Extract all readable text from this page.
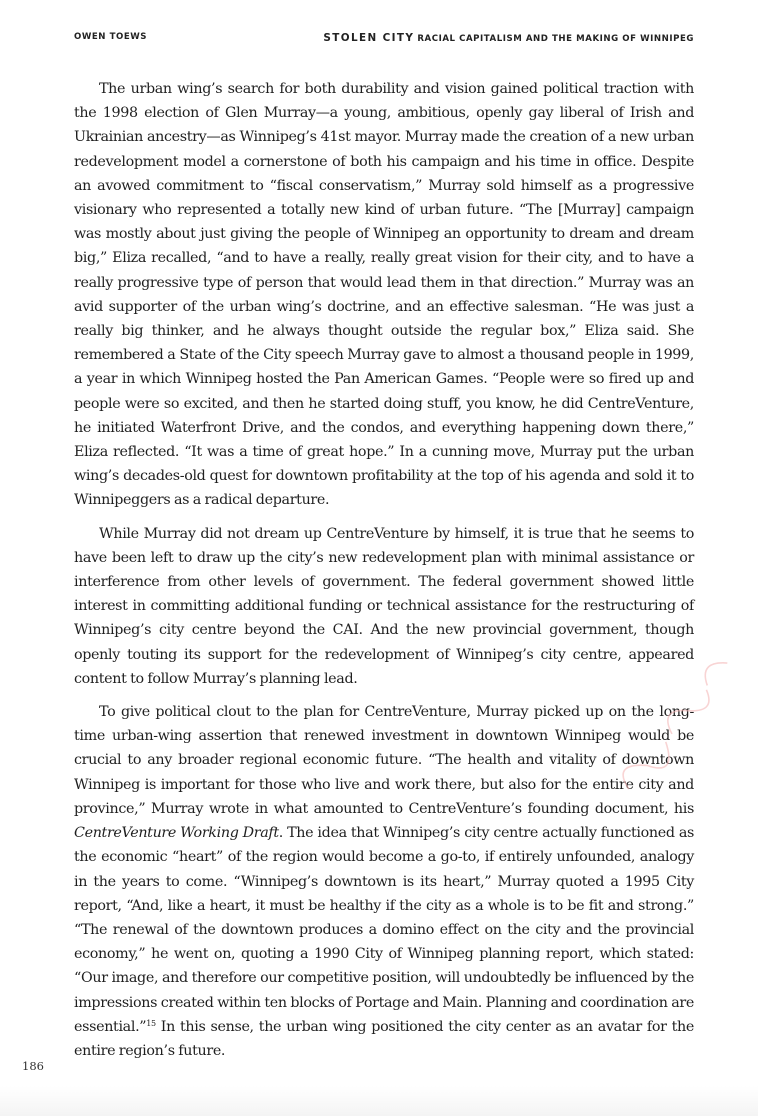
OWEN TOEWS	STOLEN CITY RACIAL CAPITALISM AND THE MAKING OF WINNIPEG

The urban wing’s search for both durability and vision gained political traction with the 1998 election of Glen Murray—a young, ambitious, openly gay liberal of Irish and Ukrainian ancestry—as Winnipeg’s 41st mayor. Murray made the creation of a new urban redevelopment model a cornerstone of both his campaign and his time in office. Despite an avowed commitment to “fiscal conservatism,” Murray sold himself as a progressive visionary who represented a totally new kind of urban future. “The [Murray] campaign was mostly about just giving the people of Winnipeg an opportunity to dream and dream big,” Eliza recalled, “and to have a really, really great vision for their city, and to have a really progressive type of person that would lead them in that direction.” Murray was an avid supporter of the urban wing’s doctrine, and an effective salesman. “He was just a really big thinker, and he always thought outside the regular box,” Eliza said. She remembered a State of the City speech Murray gave to almost a thousand people in 1999, a year in which Winnipeg hosted the Pan American Games. “People were so fired up and people were so excited, and then he started doing stuff, you know, he did CentreVenture, he initiated Waterfront Drive, and the condos, and everything happening down there,” Eliza reflected. “It was a time of great hope.” In a cunning move, Murray put the urban wing’s decades-old quest for downtown profitability at the top of his agenda and sold it to Winnipeggers as a radical departure.

While Murray did not dream up CentreVenture by himself, it is true that he seems to have been left to draw up the city’s new redevelopment plan with minimal assistance or interference from other levels of government. The federal government showed little interest in committing additional funding or technical assistance for the restructuring of Winnipeg’s city centre beyond the CAI. And the new provincial government, though openly touting its support for the redevelopment of Winnipeg’s city centre, appeared content to follow Murray’s planning lead.

To give political clout to the plan for CentreVenture, Murray picked up on the long-time urban-wing assertion that renewed investment in downtown Winnipeg would be crucial to any broader regional economic future. “The health and vitality of downtown Winnipeg is important for those who live and work there, but also for the entire city and province,” Murray wrote in what amounted to CentreVenture’s founding document, his CentreVenture Working Draft. The idea that Winnipeg’s city centre actually functioned as the economic “heart” of the region would become a go-to, if entirely unfounded, analogy in the years to come. “Winnipeg’s downtown is its heart,” Murray quoted a 1995 City report, “And, like a heart, it must be healthy if the city as a whole is to be fit and strong.” “The renewal of the downtown produces a domino effect on the city and the provincial economy,” he went on, quoting a 1990 City of Winnipeg planning report, which stated: “Our image, and therefore our competitive position, will undoubtedly be influenced by the impressions created within ten blocks of Portage and Main. Planning and coordination are essential.”$^{15}$ In this sense, the urban wing positioned the city center as an avatar for the entire region’s future.

186
